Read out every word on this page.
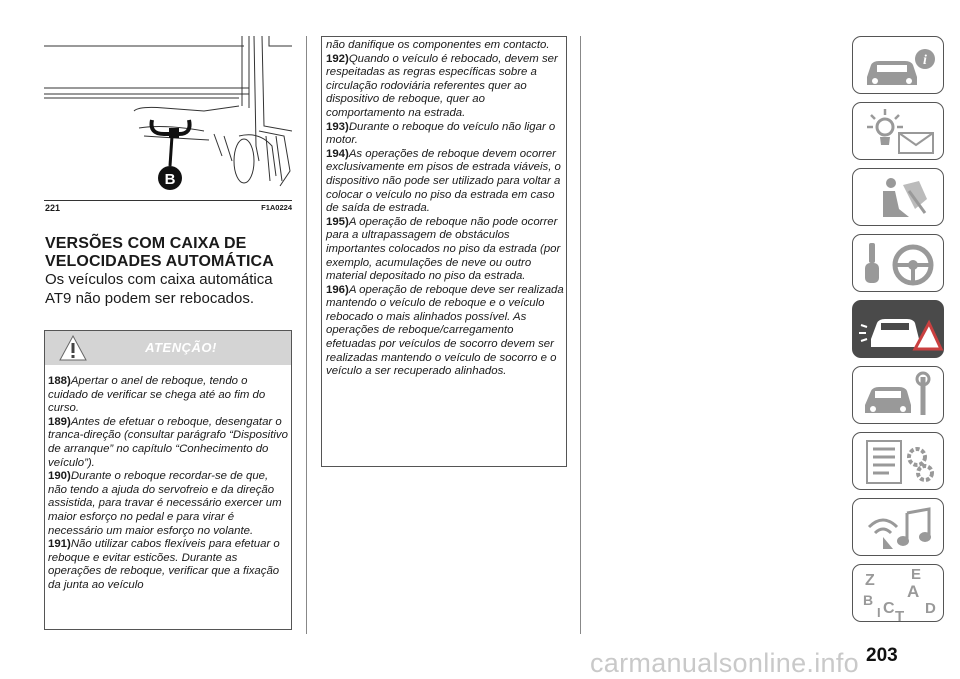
B
221	F1A0224
VERSÕES COM CAIXA DE
VELOCIDADES AUTOMÁTICA
Os veículos com caixa automática AT9 não podem ser rebocados.
ATENÇÃO!

188)Apertar o anel de reboque, tendo o cuidado de verificar se chega até ao fim do curso.

189)Antes de efetuar o reboque, desengatar o tranca-direção (consultar parágrafo “Dispositivo de arranque” no capítulo “Conhecimento do veículo”).

190)Durante o reboque recordar-se de que, não tendo a ajuda do servofreio e da direção assistida, para travar é necessário exercer um maior esforço no pedal e para virar é necessário um maior esforço no volante.

191)Não utilizar cabos flexíveis para efetuar o reboque e evitar esticões. Durante as operações de reboque, verificar que a fixação da junta ao veículo

não danifique os componentes em contacto.

192)Quando o veículo é rebocado, devem ser respeitadas as regras específicas sobre a circulação rodoviária referentes quer ao dispositivo de reboque, quer ao comportamento na estrada.

193)Durante o reboque do veículo não ligar o motor.

194)As operações de reboque devem ocorrer exclusivamente em pisos de estrada viáveis, o dispositivo não pode ser utilizado para voltar a colocar o veículo no piso da estrada em caso de saída de estrada.

195)A operação de reboque não pode ocorrer para a ultrapassagem de obstáculos importantes colocados no piso da estrada (por exemplo, acumulações de neve ou outro material depositado no piso da estrada.

196)A operação de reboque deve ser realizada mantendo o veículo de reboque e o veículo rebocado o mais alinhados possível. As operações de reboque/carregamento efetuadas por veículos de socorro devem ser realizadas mantendo o veículo de socorro e o veículo a ser recuperado alinhados.

i
Z E
A
B C T D
I
carmanualsonline.info 203
